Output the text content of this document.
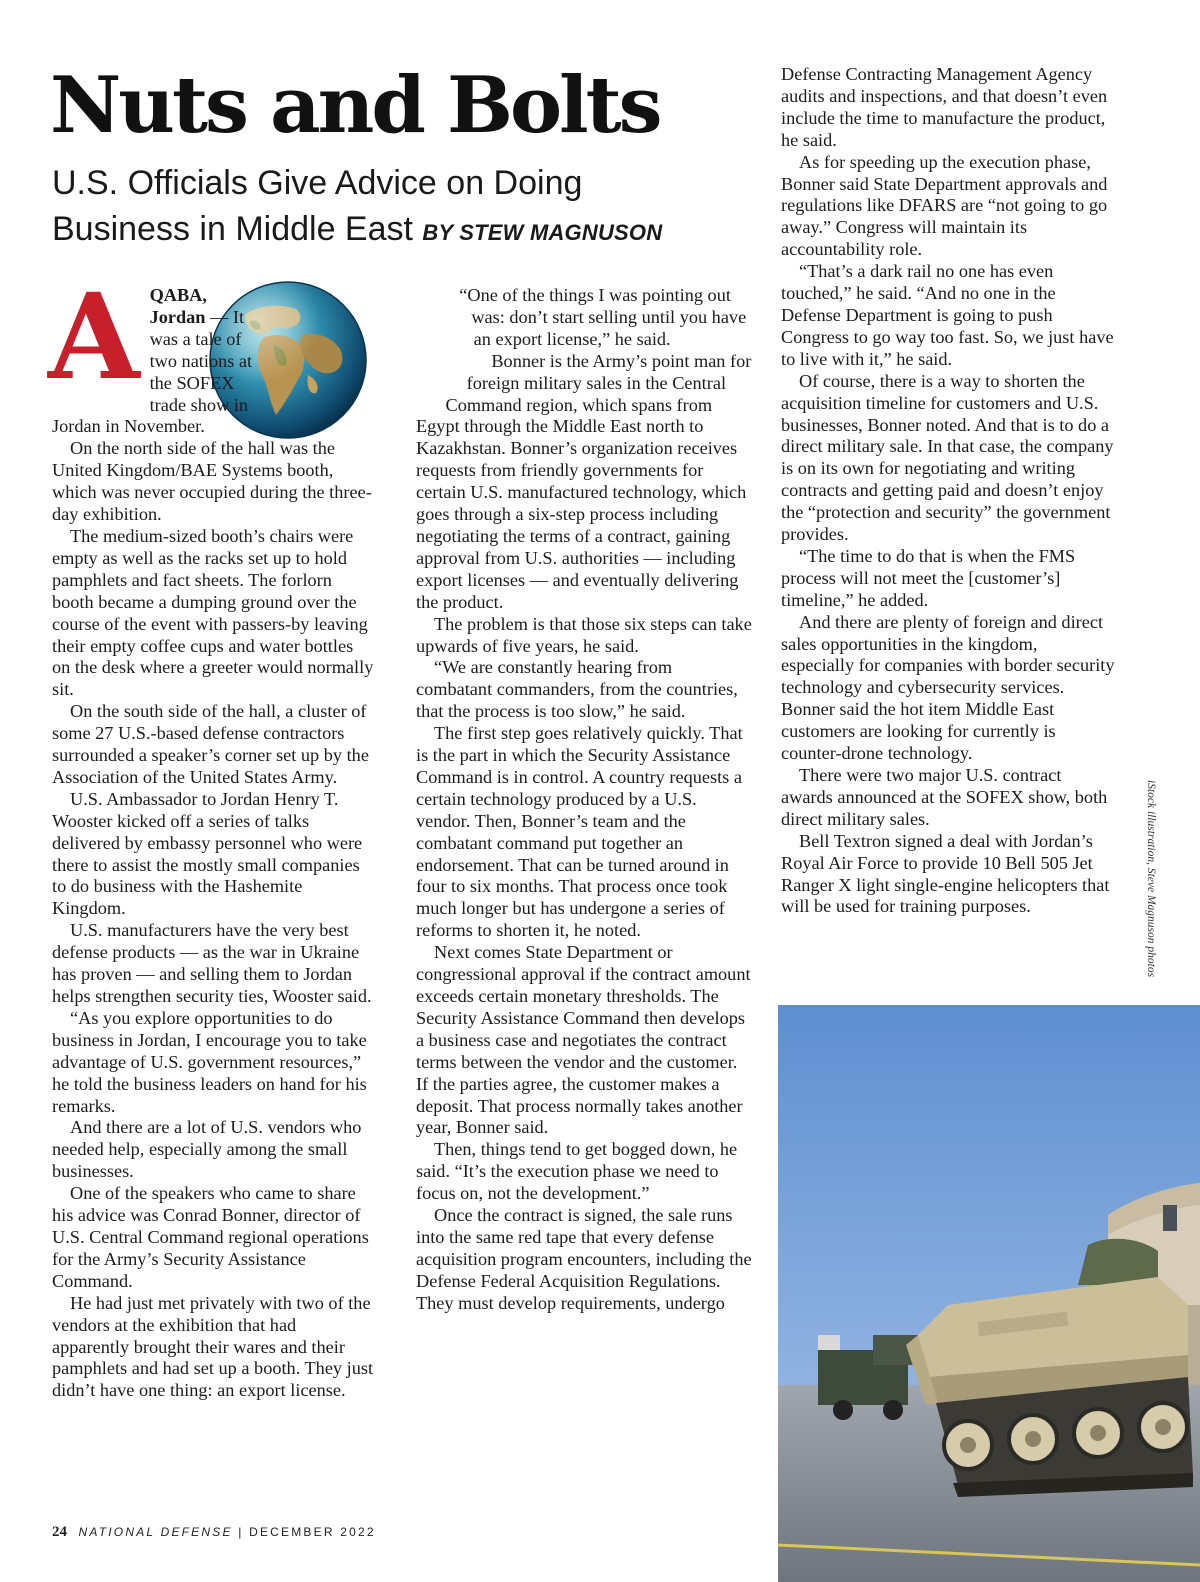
Nuts and Bolts
U.S. Officials Give Advice on Doing
Business in Middle East BY STEW MAGNUSON
A QABA, Jordan — It was a tale of two nations at the SOFEX trade show in Jordan in November.

On the north side of the hall was the United Kingdom/BAE Systems booth, which was never occupied during the three-day exhibition.

The medium-sized booth’s chairs were empty as well as the racks set up to hold pamphlets and fact sheets. The forlorn booth became a dumping ground over the course of the event with passers-by leaving their empty coffee cups and water bottles on the desk where a greeter would normally sit.

On the south side of the hall, a cluster of some 27 U.S.-based defense contractors surrounded a speaker’s corner set up by the Association of the United States Army.

U.S. Ambassador to Jordan Henry T. Wooster kicked off a series of talks delivered by embassy personnel who were there to assist the mostly small companies to do business with the Hashemite Kingdom.

U.S. manufacturers have the very best defense products — as the war in Ukraine has proven — and selling them to Jordan helps strengthen security ties, Wooster said.

“As you explore opportunities to do business in Jordan, I encourage you to take advantage of U.S. government resources,” he told the business leaders on hand for his remarks.

And there are a lot of U.S. vendors who needed help, especially among the small businesses.

One of the speakers who came to share his advice was Conrad Bonner, director of U.S. Central Command regional operations for the Army’s Security Assistance Command.

He had just met privately with two of the vendors at the exhibition that had apparently brought their wares and their pamphlets and had set up a booth. They just didn’t have one thing: an export license.

“One of the things I was pointing out was: don’t start selling until you have an export license,” he said.

Bonner is the Army’s point man for foreign military sales in the Central Command region, which spans from Egypt through the Middle East north to Kazakhstan. Bonner’s organization receives requests from friendly governments for certain U.S. manufactured technology, which goes through a six-step process including negotiating the terms of a contract, gaining approval from U.S. authorities — including export licenses — and eventually delivering the product.

The problem is that those six steps can take upwards of five years, he said.

“We are constantly hearing from combatant commanders, from the countries, that the process is too slow,” he said.

The first step goes relatively quickly. That is the part in which the Security Assistance Command is in control. A country requests a certain technology produced by a U.S. vendor. Then, Bonner’s team and the combatant command put together an endorsement. That can be turned around in four to six months. That process once took much longer but has undergone a series of reforms to shorten it, he noted.

Next comes State Department or congressional approval if the contract amount exceeds certain monetary thresholds. The Security Assistance Command then develops a business case and negotiates the contract terms between the vendor and the customer. If the parties agree, the customer makes a deposit. That process normally takes another year, Bonner said.

Then, things tend to get bogged down, he said. “It’s the execution phase we need to focus on, not the development.”

Once the contract is signed, the sale runs into the same red tape that every defense acquisition program encounters, including the Defense Federal Acquisition Regulations. They must develop requirements, undergo

Defense Contracting Management Agency audits and inspections, and that doesn’t even include the time to manufacture the product, he said.

As for speeding up the execution phase, Bonner said State Department approvals and regulations like DFARS are “not going to go away.” Congress will maintain its accountability role.

“That’s a dark rail no one has even touched,” he said. “And no one in the Defense Department is going to push Congress to go way too fast. So, we just have to live with it,” he said.

Of course, there is a way to shorten the acquisition timeline for customers and U.S. businesses, Bonner noted. And that is to do a direct military sale. In that case, the company is on its own for negotiating and writing contracts and getting paid and doesn’t enjoy the “protection and security” the government provides.

“The time to do that is when the FMS process will not meet the [customer’s] timeline,” he added.

And there are plenty of foreign and direct sales opportunities in the kingdom, especially for companies with border security technology and cybersecurity services. Bonner said the hot item Middle East customers are looking for currently is counter-drone technology.

There were two major U.S. contract awards announced at the SOFEX show, both direct military sales.

Bell Textron signed a deal with Jordan’s Royal Air Force to provide 10 Bell 505 Jet Ranger X light single-engine helicopters that will be used for training purposes.	iStock illustration, Steve Magnuson photos
24 NATIONAL DEFENSE | DECEMBER 2022
